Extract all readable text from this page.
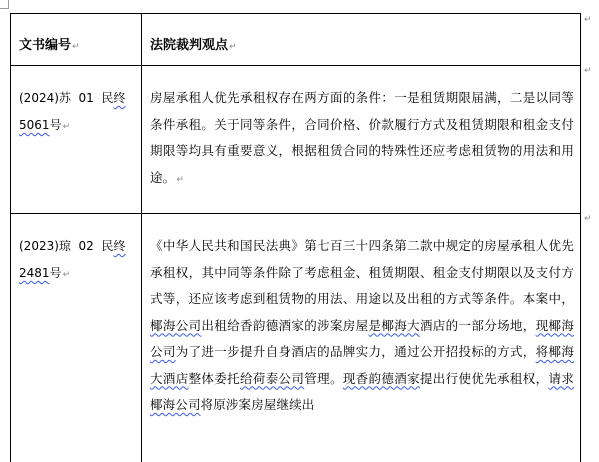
文书编号↵	法院裁判观点↵

(2024)苏 01 民终
5061号↵	房屋承租人优先承租权存在两方面的条件：一是租赁期限届满，二是以同等条件承租。关于同等条件，合同价格、价款履行方式及租赁期限和租金支付期限等均具有重要意义，根据租赁合同的特殊性还应考虑租赁物的用法和用途。↵

(2023)琼 02 民终
2481号↵	《中华人民共和国民法典》第七百三十四条第二款中规定的房屋承租人优先承租权，其中同等条件除了考虑租金、租赁期限、租金支付期限以及支付方式等，还应该考虑到租赁物的用法、用途以及出租的方式等条件。本案中，椰海公司出租给香韵德酒家的涉案房屋是椰海大酒店的一部分场地，现椰海公司为了进一步提升自身酒店的品牌实力，通过公开招投标的方式，将椰海大酒店整体委托给荷泰公司管理。现香韵德酒家提出行使优先承租权，请求椰海公司将原涉案房屋继续出
↵
↵
↵
